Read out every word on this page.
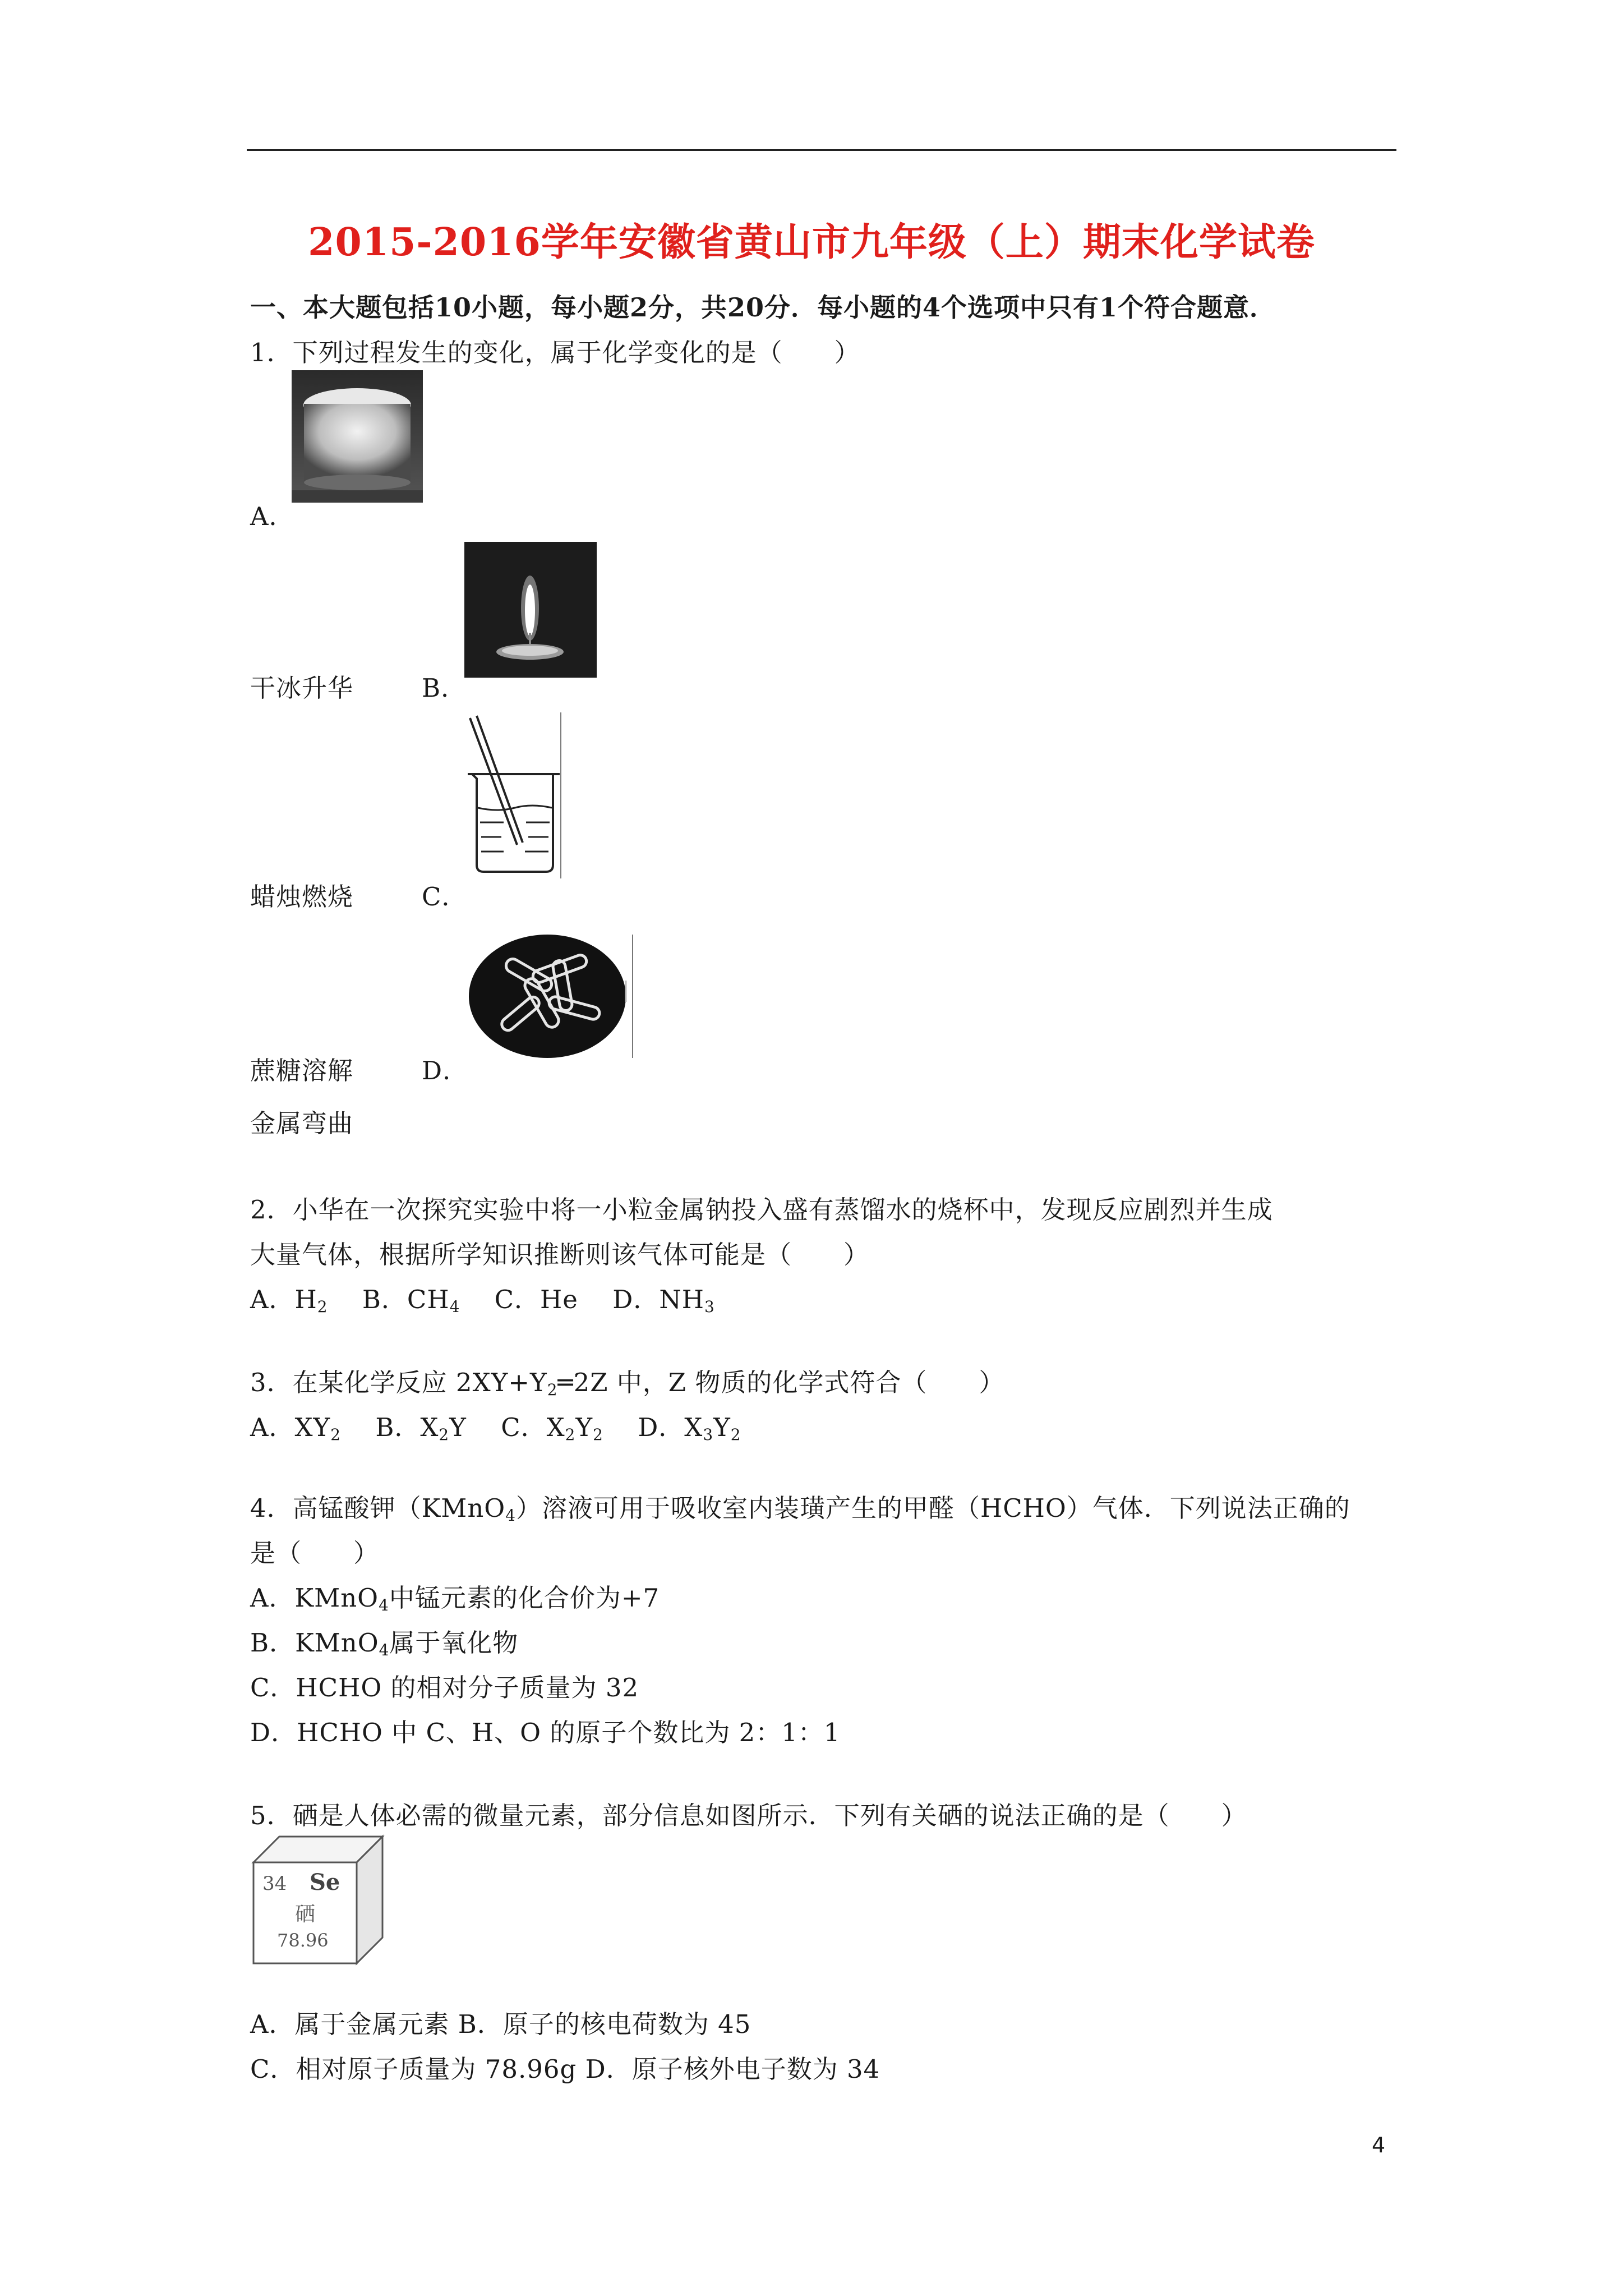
2015-2016学年安徽省黄山市九年级（上）期末化学试卷
一、本大题包括10小题，每小题2分，共20分．每小题的4个选项中只有1个符合题意．
1．下列过程发生的变化，属于化学变化的是（　　）
A．
干冰升华	B．
蜡烛燃烧	C．
蔗糖溶解	D．
金属弯曲
2．小华在一次探究实验中将一小粒金属钠投入盛有蒸馏水的烧杯中，发现反应剧烈并生成
大量气体，根据所学知识推断则该气体可能是（　　）
A．$H_2$　 B．$CH_4$　 C．He　 D．$NH_3$
3．在某化学反应 $2XY+Y_2═2Z$ 中，Z 物质的化学式符合（　　）
A．$XY_2$　 B．$X_2Y$　 C．$X_2Y_2$　 D．$X_3Y_2$
4．高锰酸钾（KMnO$_4$）溶液可用于吸收室内装璜产生的甲醛（HCHO）气体．下列说法正确的
是（　　）
A．KMnO$_4$中锰元素的化合价为+7
B．KMnO$_4$属于氧化物
C．HCHO 的相对分子质量为 32
D．HCHO 中 C、H、O 的原子个数比为 2：1：1
5．硒是人体必需的微量元素，部分信息如图所示．下列有关硒的说法正确的是（　　）
34 Se
硒
78.96
A．属于金属元素 B．原子的核电荷数为 45
C．相对原子质量为 78.96g D．原子核外电子数为 34
4
